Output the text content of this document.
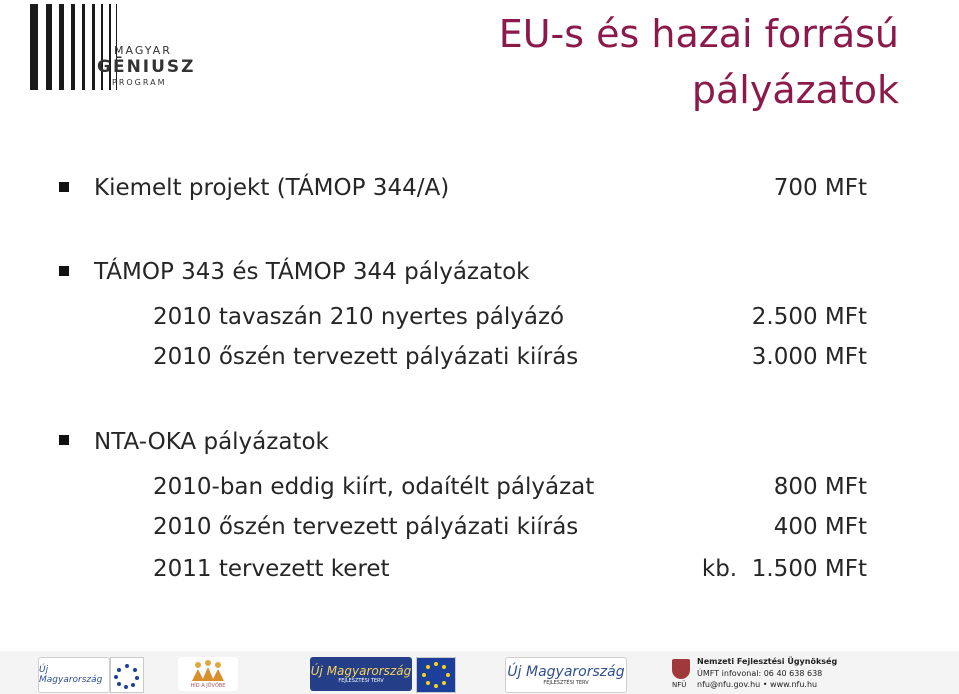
MAGYAR
GĒNIUSZ
PROGRAM
EU-s és hazai forrású
pályázatok
Kiemelt projekt (TÁMOP 344/A)	700 MFt
TÁMOP 343 és TÁMOP 344 pályázatok
2010 tavaszán 210 nyertes pályázó	2.500 MFt
2010 őszén tervezett pályázati kiírás	3.000 MFt
NTA-OKA pályázatok
2010-ban eddig kiírt, odaítélt pályázat	800 MFt
2010 őszén tervezett pályázati kiírás	400 MFt
2011 tervezett keret	kb.  1.500 MFt
Új Magyarország
HÍD A JÖVŐBE
Új Magyarország
FEJLESZTÉSI TERV
Új Magyarország
FEJLESZTÉSI TERV	NFÜ
Nemzeti Fejlesztési Ügynökség
ÚMFT infovonal: 06 40 638 638
nfu@nfu.gov.hu • www.nfu.hu
